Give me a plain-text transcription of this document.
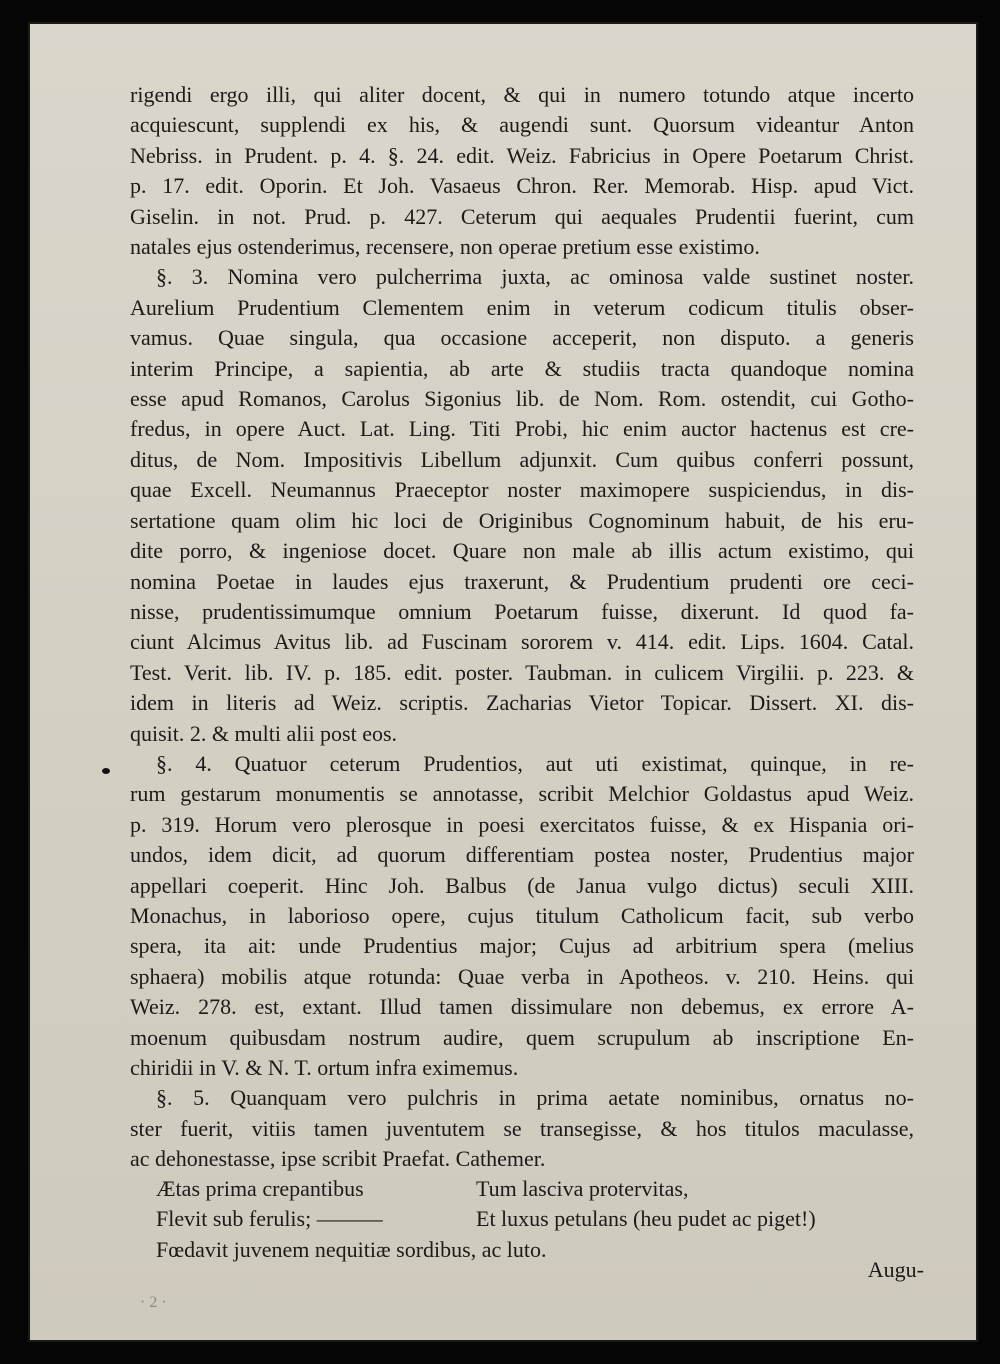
rigendi ergo illi, qui aliter docent, & qui in numero totundo atque incerto
acquiescunt, supplendi ex his, & augendi sunt. Quorsum videantur Anton
Nebriss. in Prudent. p. 4. §. 24. edit. Weiz. Fabricius in Opere Poetarum Christ.
p. 17. edit. Oporin. Et Joh. Vasaeus Chron. Rer. Memorab. Hisp. apud Vict.
Giselin. in not. Prud. p. 427. Ceterum qui aequales Prudentii fuerint, cum
natales ejus ostenderimus, recensere, non operae pretium esse existimo.
§. 3. Nomina vero pulcherrima juxta, ac ominosa valde sustinet noster.
Aurelium Prudentium Clementem enim in veterum codicum titulis obser-
vamus. Quae singula, qua occasione acceperit, non disputo. a generis
interim Principe, a sapientia, ab arte & studiis tracta quandoque nomina
esse apud Romanos, Carolus Sigonius lib. de Nom. Rom. ostendit, cui Gotho-
fredus, in opere Auct. Lat. Ling. Titi Probi, hic enim auctor hactenus est cre-
ditus, de Nom. Impositivis Libellum adjunxit. Cum quibus conferri possunt,
quae Excell. Neumannus Praeceptor noster maximopere suspiciendus, in dis-
sertatione quam olim hic loci de Originibus Cognominum habuit, de his eru-
dite porro, & ingeniose docet. Quare non male ab illis actum existimo, qui
nomina Poetae in laudes ejus traxerunt, & Prudentium prudenti ore ceci-
nisse, prudentissimumque omnium Poetarum fuisse, dixerunt. Id quod fa-
ciunt Alcimus Avitus lib. ad Fuscinam sororem v. 414. edit. Lips. 1604. Catal.
Test. Verit. lib. IV. p. 185. edit. poster. Taubman. in culicem Virgilii. p. 223. &
idem in literis ad Weiz. scriptis. Zacharias Vietor Topicar. Dissert. XI. dis-
quisit. 2. & multi alii post eos.
§. 4. Quatuor ceterum Prudentios, aut uti existimat, quinque, in re-
rum gestarum monumentis se annotasse, scribit Melchior Goldastus apud Weiz.
p. 319. Horum vero plerosque in poesi exercitatos fuisse, & ex Hispania ori-
undos, idem dicit, ad quorum differentiam postea noster, Prudentius major
appellari coeperit. Hinc Joh. Balbus (de Janua vulgo dictus) seculi XIII.
Monachus, in laborioso opere, cujus titulum Catholicum facit, sub verbo
spera, ita ait: unde Prudentius major; Cujus ad arbitrium spera (melius
sphaera) mobilis atque rotunda: Quae verba in Apotheos. v. 210. Heins. qui
Weiz. 278. est, extant. Illud tamen dissimulare non debemus, ex errore A-
moenum quibusdam nostrum audire, quem scrupulum ab inscriptione En-
chiridii in V. & N. T. ortum infra eximemus.
§. 5. Quanquam vero pulchris in prima aetate nominibus, ornatus no-
ster fuerit, vitiis tamen juventutem se transegisse, & hos titulos maculasse,
ac dehonestasse, ipse scribit Praefat. Cathemer.
Ætas prima crepantibus	Tum lasciva protervitas,
Flevit sub ferulis; ———	Et luxus petulans (heu pudet ac piget!)
Fœdavit juvenem nequitiæ sordibus, ac luto.
Augu-
· 2 ·
